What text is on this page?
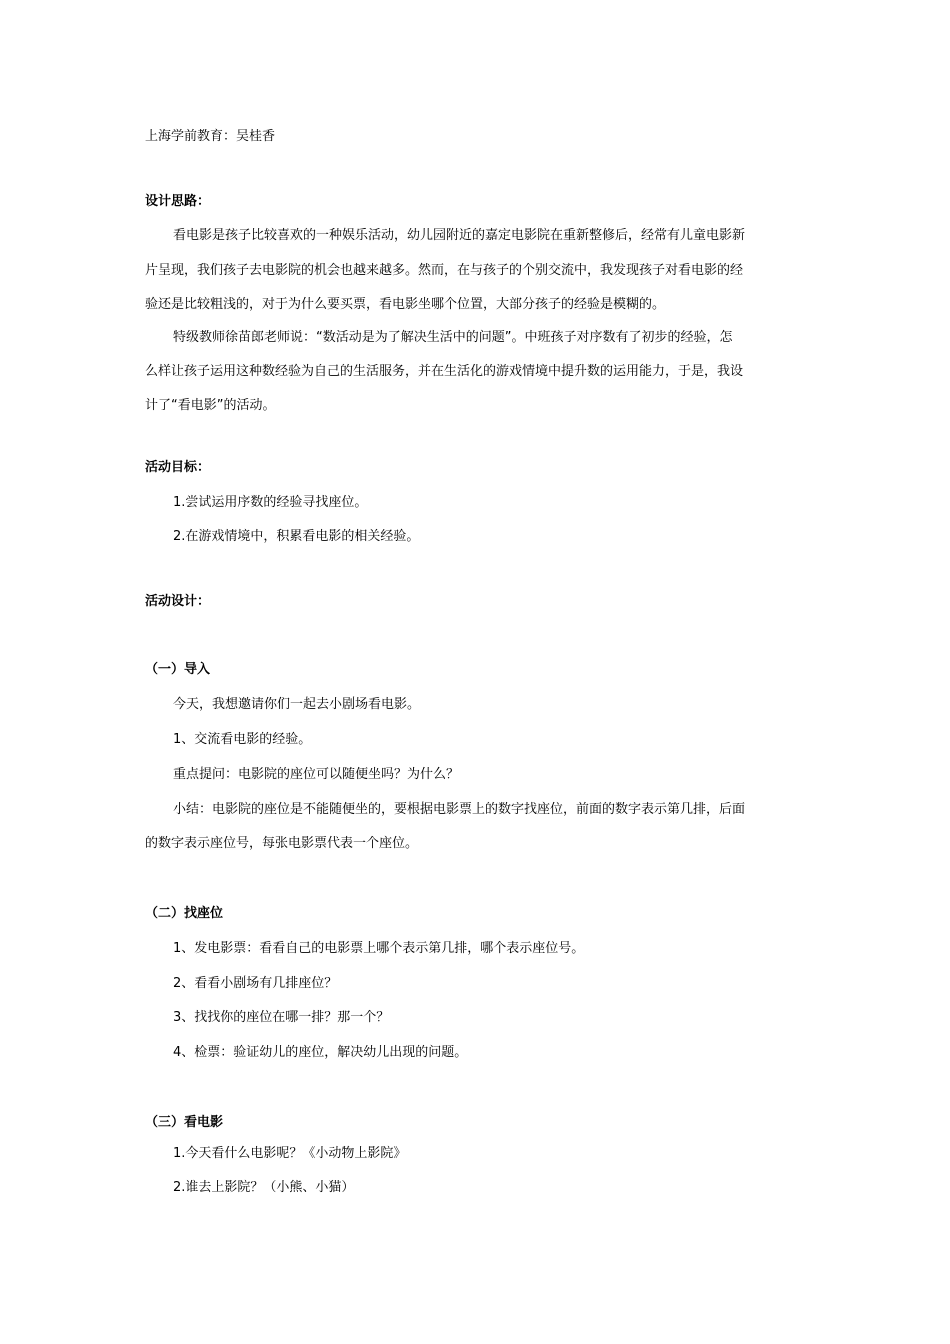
上海学前教育：吴桂香
设计思路：
看电影是孩子比较喜欢的一种娱乐活动，幼儿园附近的嘉定电影院在重新整修后，经常有儿童电影新
片呈现，我们孩子去电影院的机会也越来越多。然而，在与孩子的个别交流中，我发现孩子对看电影的经
验还是比较粗浅的，对于为什么要买票，看电影坐哪个位置，大部分孩子的经验是模糊的。
特级教师徐苗郎老师说：“数活动是为了解决生活中的问题”。中班孩子对序数有了初步的经验，怎
么样让孩子运用这种数经验为自己的生活服务，并在生活化的游戏情境中提升数的运用能力，于是，我设
计了“看电影”的活动。
活动目标：
1.尝试运用序数的经验寻找座位。
2.在游戏情境中，积累看电影的相关经验。
活动设计：
（一）导入
今天，我想邀请你们一起去小剧场看电影。
1、交流看电影的经验。
重点提问：电影院的座位可以随便坐吗？为什么？
小结：电影院的座位是不能随便坐的，要根据电影票上的数字找座位，前面的数字表示第几排，后面
的数字表示座位号，每张电影票代表一个座位。
（二）找座位
1、发电影票：看看自己的电影票上哪个表示第几排，哪个表示座位号。
2、看看小剧场有几排座位？
3、找找你的座位在哪一排？那一个？
4、检票：验证幼儿的座位，解决幼儿出现的问题。
（三）看电影
1.今天看什么电影呢？《小动物上影院》
2.谁去上影院？（小熊、小猫）
